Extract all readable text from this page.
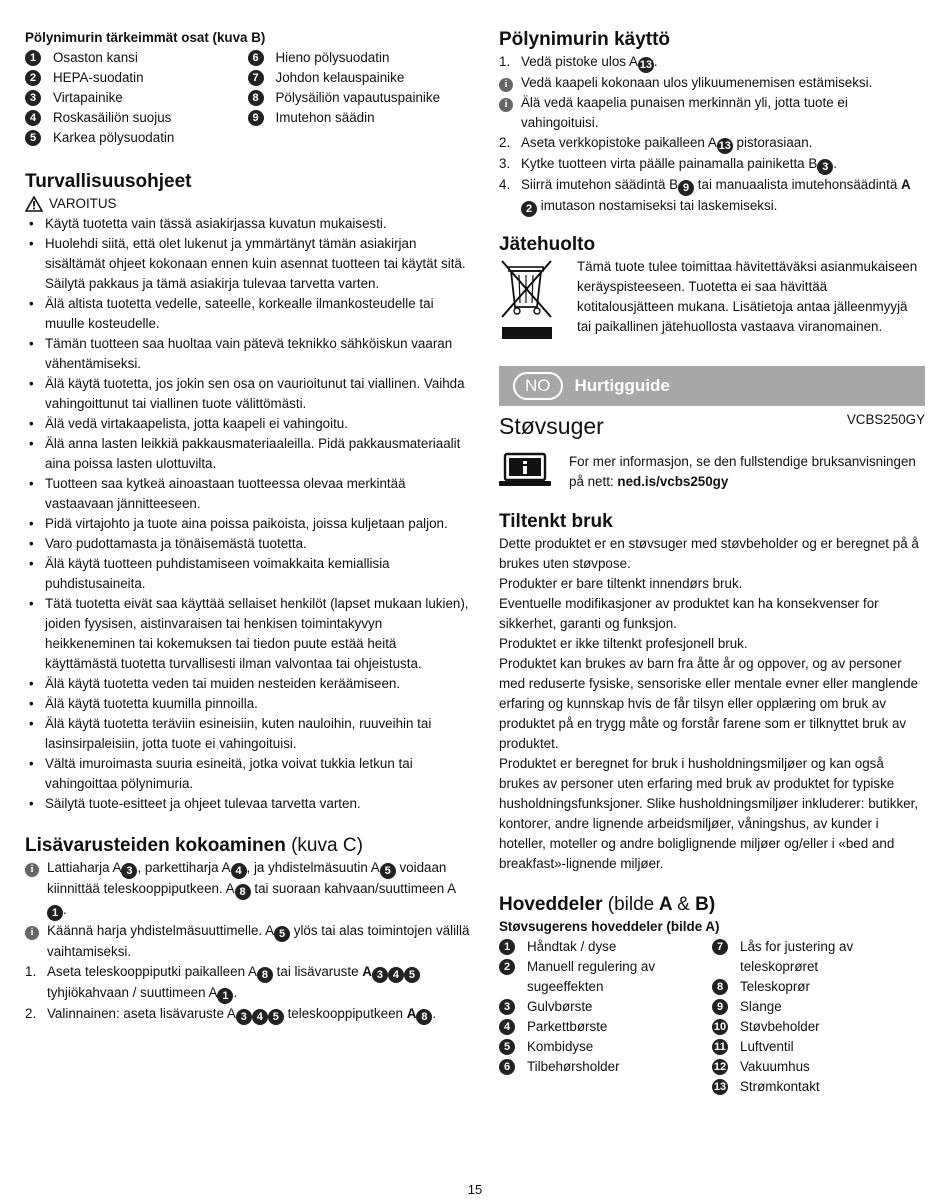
Pölynimurin tärkeimmät osat (kuva B)
1	Osaston kansi
2	HEPA-suodatin
3	Virtapainike
4	Roskasäiliön suojus
5	Karkea pölysuodatin
6	Hieno pölysuodatin
7	Johdon kelauspainike
8	Pölysäiliön vapautuspainike
9	Imutehon säädin
Turvallisuusohjeet
VAROITUS
• Käytä tuotetta vain tässä asiakirjassa kuvatun mukaisesti.
• Huolehdi siitä, että olet lukenut ja ymmärtänyt tämän asiakirjan sisältämät ohjeet kokonaan ennen kuin asennat tuotteen tai käytät sitä. Säilytä pakkaus ja tämä asiakirja tulevaa tarvetta varten.
• Älä altista tuotetta vedelle, sateelle, korkealle ilmankosteudelle tai muulle kosteudelle.
• Tämän tuotteen saa huoltaa vain pätevä teknikko sähköiskun vaaran vähentämiseksi.
• Älä käytä tuotetta, jos jokin sen osa on vaurioitunut tai viallinen. Vaihda vahingoittunut tai viallinen tuote välittömästi.
• Älä vedä virtakaapelista, jotta kaapeli ei vahingoitu.
• Älä anna lasten leikkiä pakkausmateriaaleilla. Pidä pakkausmateriaalit aina poissa lasten ulottuvilta.
• Tuotteen saa kytkeä ainoastaan tuotteessa olevaa merkintää vastaavaan jännitteeseen.
• Pidä virtajohto ja tuote aina poissa paikoista, joissa kuljetaan paljon.
• Varo pudottamasta ja tönäisemästä tuotetta.
• Älä käytä tuotteen puhdistamiseen voimakkaita kemiallisia puhdistusaineita.
• Tätä tuotetta eivät saa käyttää sellaiset henkilöt (lapset mukaan lukien), joiden fyysisen, aistinvaraisen tai henkisen toimintakyvyn heikkeneminen tai kokemuksen tai tiedon puute estää heitä käyttämästä tuotetta turvallisesti ilman valvontaa tai ohjeistusta.
• Älä käytä tuotetta veden tai muiden nesteiden keräämiseen.
• Älä käytä tuotetta kuumilla pinnoilla.
• Älä käytä tuotetta teräviin esineisiin, kuten nauloihin, ruuveihin tai lasinsirpaleisiin, jotta tuote ei vahingoituisi.
• Vältä imuroimasta suuria esineitä, jotka voivat tukkia letkun tai vahingoittaa pölynimuria.
• Säilytä tuote-esitteet ja ohjeet tulevaa tarvetta varten.
Lisävarusteiden kokoaminen (kuva C)
i	Lattiaharja A 3 , parkettiharja A 4 , ja yhdistelmäsuutin A 5 voidaan kiinnittää teleskooppiputkeen. A 8 tai suoraan kahvaan/suuttimeen A1 .
i	Käännä harja yhdistelmäsuuttimelle. A 5 ylös tai alas toimintojen välillä vaihtamiseksi.
1. Aseta teleskooppiputki paikalleen A 8 tai lisävaruste A 3 4 5 tyhjiökahvaan / suuttimeen A 1 .
2. Valinnainen: aseta lisävaruste A 3 4 5 teleskooppiputkeen A 8 .
Pölynimurin käyttö
1. Vedä pistoke ulos A 13 .
i	Vedä kaapeli kokonaan ulos ylikuumenemisen estämiseksi.
i	Älä vedä kaapelia punaisen merkinnän yli, jotta tuote ei vahingoituisi.
2. Aseta verkkopistoke paikalleen A 13 pistorasiaan.
3. Kytke tuotteen virta päälle painamalla painiketta B 3 .
4. Siirrä imutehon säädintä B 9 tai manuaalista imutehonsäädintä A2 imutason nostamiseksi tai laskemiseksi.
Jätehuolto
Tämä tuote tulee toimittaa hävitettäväksi asianmukaiseen keräyspisteeseen. Tuotetta ei saa hävittää kotitalousjätteen mukana. Lisätietoja antaa jälleenmyyjä tai paikallinen jätehuollosta vastaava viranomainen.
NO	Hurtigguide
Støvsuger	VCBS250GY
For mer informasjon, se den fullstendige bruksanvisningen på nett: ned.is/vcbs250gy
Tiltenkt bruk
Dette produktet er en støvsuger med støvbeholder og er beregnet på å brukes uten støvpose.
Produkter er bare tiltenkt innendørs bruk.
Eventuelle modifikasjoner av produktet kan ha konsekvenser for sikkerhet, garanti og funksjon.
Produktet er ikke tiltenkt profesjonell bruk.
Produktet kan brukes av barn fra åtte år og oppover, og av personer med reduserte fysiske, sensoriske eller mentale evner eller manglende erfaring og kunnskap hvis de får tilsyn eller opplæring om bruk av produktet på en trygg måte og forstår farene som er tilknyttet bruk av produktet.
Produktet er beregnet for bruk i husholdningsmiljøer og kan også brukes av personer uten erfaring med bruk av produktet for typiske husholdningsfunksjoner. Slike husholdningsmiljøer inkluderer: butikker, kontorer, andre lignende arbeidsmiljøer, våningshus, av kunder i hoteller, moteller og andre boliglignende miljøer og/eller i «bed and breakfast»-lignende miljøer.
Hoveddeler (bilde A & B)
Støvsugerens hoveddeler (bilde A)
1	Håndtak / dyse
2	Manuell regulering av sugeeffekten
3	Gulvbørste
4	Parkettbørste
5	Kombidyse
6	Tilbehørsholder
7	Lås for justering av teleskoprøret
8	Teleskoprør
9	Slange
10 Støvbeholder
11 Luftventil
12 Vakuumhus
13 Strømkontakt
15
